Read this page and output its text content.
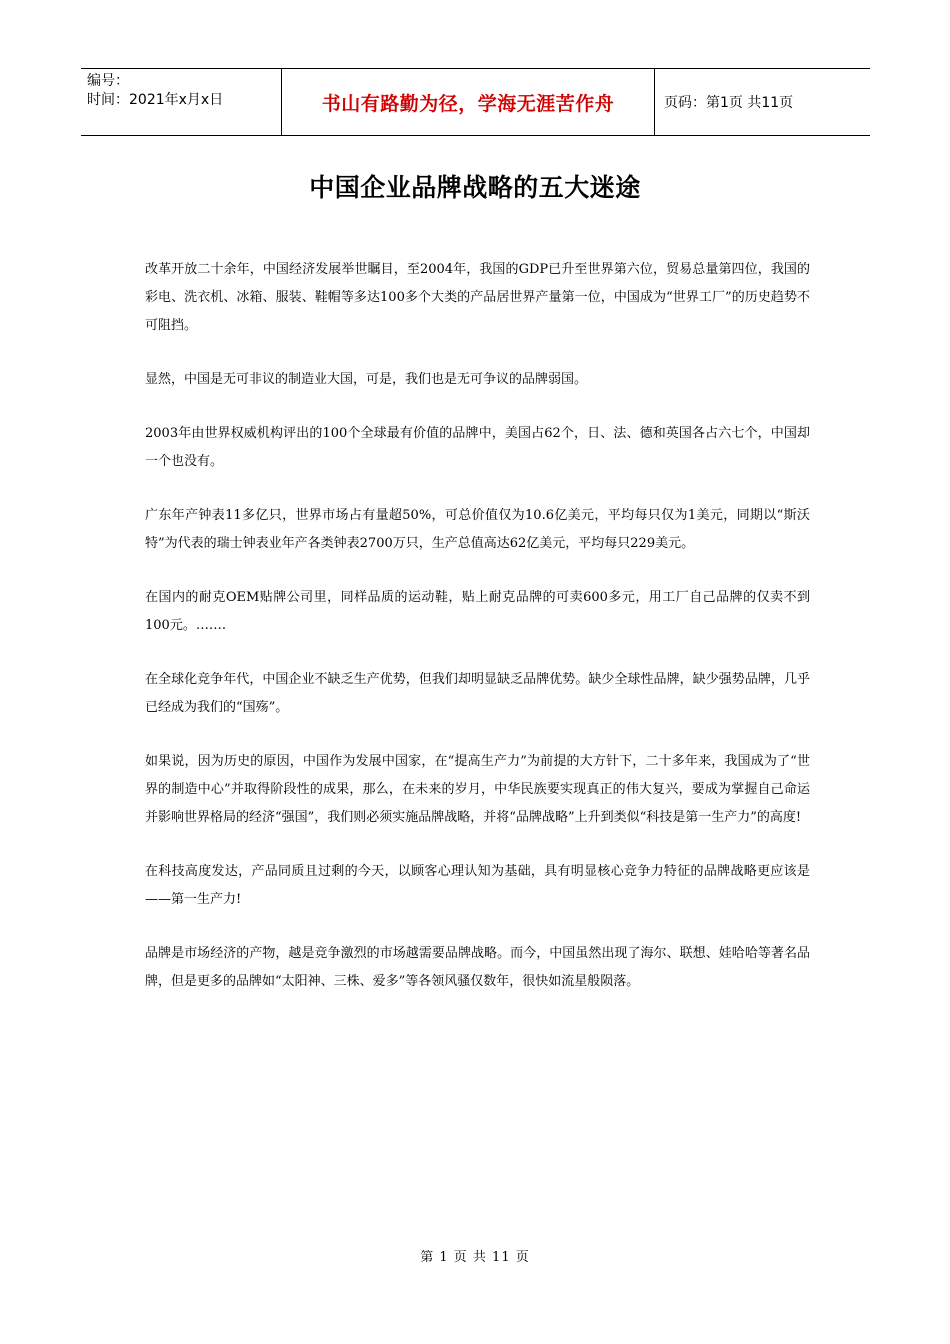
编号：
时间：2021年x月x日	书山有路勤为径，学海无涯苦作舟	页码：第1页 共11页
中国企业品牌战略的五大迷途

改革开放二十余年，中国经济发展举世瞩目，至2004年，我国的GDP已升至世界第六位，贸易总量第四位，我国的彩电、洗衣机、冰箱、服装、鞋帽等多达100多个大类的产品居世界产量第一位，中国成为“世界工厂”的历史趋势不可阻挡。

显然，中国是无可非议的制造业大国，可是，我们也是无可争议的品牌弱国。

2003年由世界权威机构评出的100个全球最有价值的品牌中，美国占62个，日、法、德和英国各占六七个，中国却一个也没有。

广东年产钟表11多亿只，世界市场占有量超50%，可总价值仅为10.6亿美元，平均每只仅为1美元，同期以“斯沃特”为代表的瑞士钟表业年产各类钟表2700万只，生产总值高达62亿美元，平均每只229美元。

在国内的耐克OEM贴牌公司里，同样品质的运动鞋，贴上耐克品牌的可卖600多元，用工厂自己品牌的仅卖不到100元。…….

在全球化竞争年代，中国企业不缺乏生产优势，但我们却明显缺乏品牌优势。缺少全球性品牌，缺少强势品牌，几乎已经成为我们的“国殇”。

如果说，因为历史的原因，中国作为发展中国家，在“提高生产力”为前提的大方针下，二十多年来，我国成为了“世界的制造中心”并取得阶段性的成果，那么，在未来的岁月，中华民族要实现真正的伟大复兴，要成为掌握自己命运并影响世界格局的经济“强国”，我们则必须实施品牌战略，并将“品牌战略”上升到类似“科技是第一生产力”的高度!

在科技高度发达，产品同质且过剩的今天，以顾客心理认知为基础，具有明显核心竞争力特征的品牌战略更应该是——第一生产力!

品牌是市场经济的产物，越是竞争激烈的市场越需要品牌战略。而今，中国虽然出现了海尔、联想、娃哈哈等著名品牌，但是更多的品牌如“太阳神、三株、爱多”等各领风骚仅数年，很快如流星般陨落。

第 1 页 共 11 页
